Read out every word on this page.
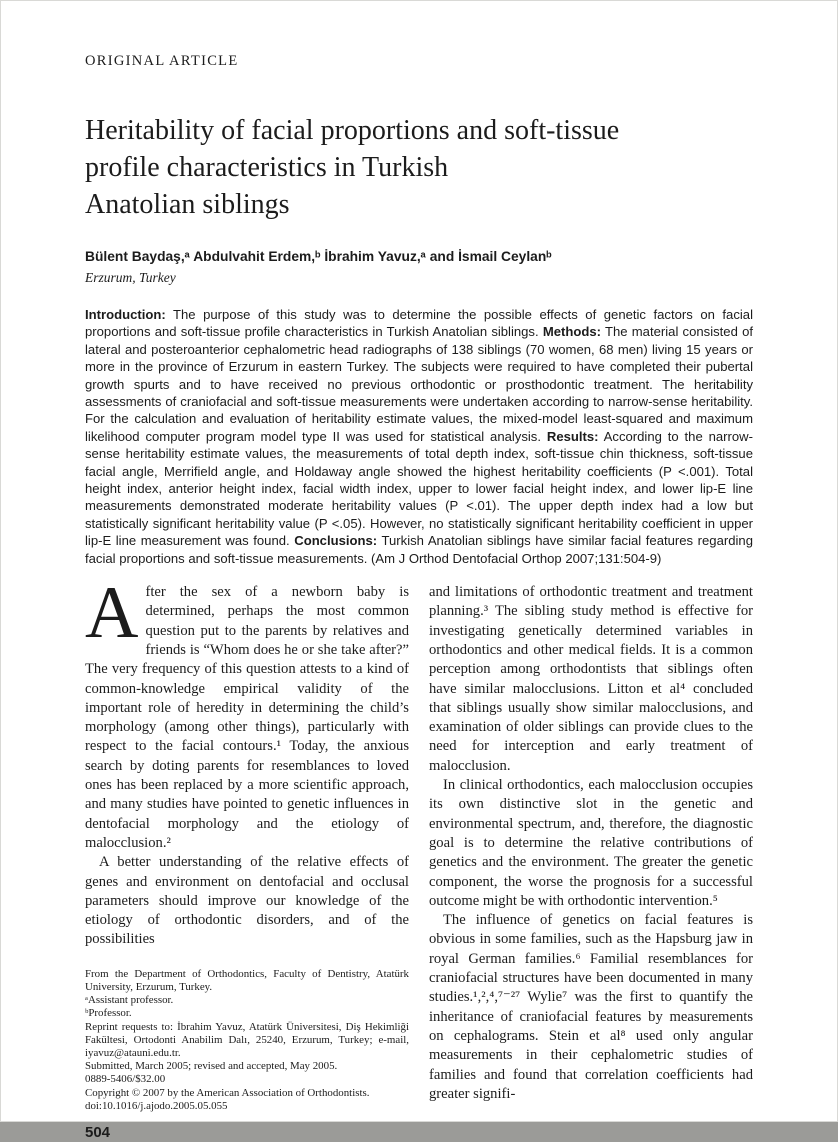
ORIGINAL ARTICLE
Heritability of facial proportions and soft-tissue
profile characteristics in Turkish
Anatolian siblings
Bülent Baydaş,ᵃ Abdulvahit Erdem,ᵇ İbrahim Yavuz,ᵃ and İsmail Ceylanᵇ
Erzurum, Turkey

Introduction: The purpose of this study was to determine the possible effects of genetic factors on facial proportions and soft-tissue profile characteristics in Turkish Anatolian siblings. Methods: The material consisted of lateral and posteroanterior cephalometric head radiographs of 138 siblings (70 women, 68 men) living 15 years or more in the province of Erzurum in eastern Turkey. The subjects were required to have completed their pubertal growth spurts and to have received no previous orthodontic or prosthodontic treatment. The heritability assessments of craniofacial and soft-tissue measurements were undertaken according to narrow-sense heritability. For the calculation and evaluation of heritability estimate values, the mixed-model least-squared and maximum likelihood computer program model type II was used for statistical analysis. Results: According to the narrow-sense heritability estimate values, the measurements of total depth index, soft-tissue chin thickness, soft-tissue facial angle, Merrifield angle, and Holdaway angle showed the highest heritability coefficients (P <.001). Total height index, anterior height index, facial width index, upper to lower facial height index, and lower lip-E line measurements demonstrated moderate heritability values (P <.01). The upper depth index had a low but statistically significant heritability value (P <.05). However, no statistically significant heritability coefficient in upper lip-E line measurement was found. Conclusions: Turkish Anatolian siblings have similar facial features regarding facial proportions and soft-tissue measurements. (Am J Orthod Dentofacial Orthop 2007;131:504-9)

After the sex of a newborn baby is determined, perhaps the most common question put to the parents by relatives and friends is “Whom does he or she take after?” The very frequency of this question attests to a kind of common-knowledge empirical validity of the important role of heredity in determining the child’s morphology (among other things), particularly with respect to the facial contours.¹ Today, the anxious search by doting parents for resemblances to loved ones has been replaced by a more scientific approach, and many studies have pointed to genetic influences in dentofacial morphology and the etiology of malocclusion.²

A better understanding of the relative effects of genes and environment on dentofacial and occlusal parameters should improve our knowledge of the etiology of orthodontic disorders, and of the possibilities

From the Department of Orthodontics, Faculty of Dentistry, Atatürk University, Erzurum, Turkey.
ᵃAssistant professor.
ᵇProfessor.
Reprint requests to: İbrahim Yavuz, Atatürk Üniversitesi, Diş Hekimliği Fakültesi, Ortodonti Anabilim Dalı, 25240, Erzurum, Turkey; e-mail, iyavuz@atauni.edu.tr.
Submitted, March 2005; revised and accepted, May 2005.
0889-5406/$32.00
Copyright © 2007 by the American Association of Orthodontists.
doi:10.1016/j.ajodo.2005.05.055
504

and limitations of orthodontic treatment and treatment planning.³ The sibling study method is effective for investigating genetically determined variables in orthodontics and other medical fields. It is a common perception among orthodontists that siblings often have similar malocclusions. Litton et al⁴ concluded that siblings usually show similar malocclusions, and examination of older siblings can provide clues to the need for interception and early treatment of malocclusion.

In clinical orthodontics, each malocclusion occupies its own distinctive slot in the genetic and environmental spectrum, and, therefore, the diagnostic goal is to determine the relative contributions of genetics and the environment. The greater the genetic component, the worse the prognosis for a successful outcome might be with orthodontic intervention.⁵

The influence of genetics on facial features is obvious in some families, such as the Hapsburg jaw in royal German families.⁶ Familial resemblances for craniofacial structures have been documented in many studies.¹,²,⁴,⁷⁻²⁷ Wylie⁷ was the first to quantify the inheritance of craniofacial features by measurements on cephalograms. Stein et al⁸ used only angular measurements in their cephalometric studies of families and found that correlation coefficients had greater signifi-
